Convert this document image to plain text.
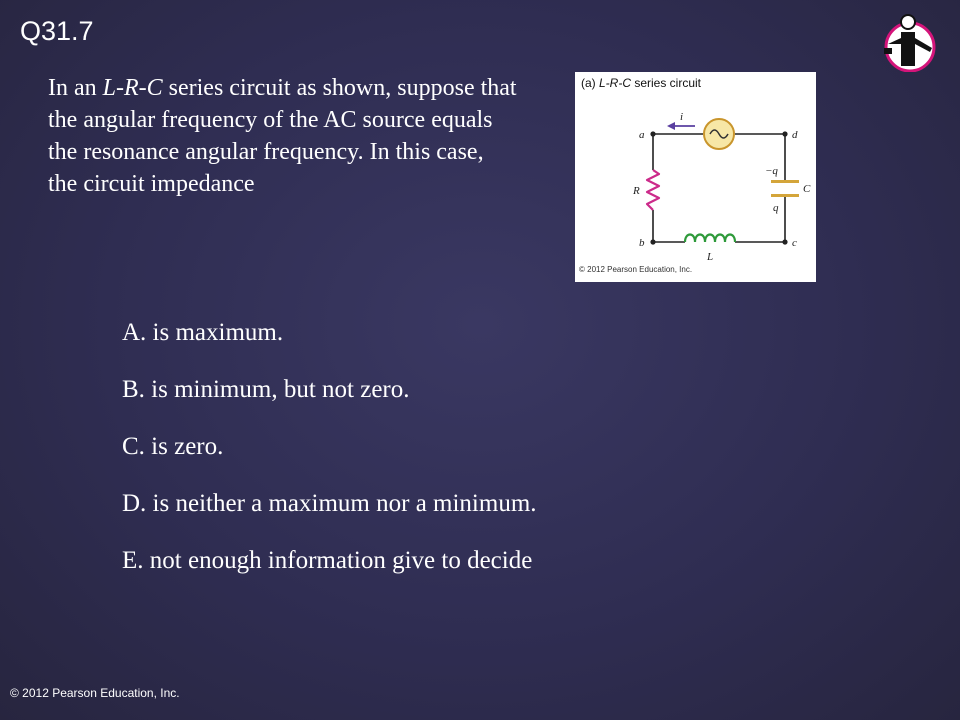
Q31.7
In an L-R-C series circuit as shown, suppose that the angular frequency of the AC source equals the resonance angular frequency. In this case, the circuit impedance
(a) L-R-C series circuit
a	d
b	c
i
R
L
C
−q
q
© 2012 Pearson Education, Inc.
A. is maximum.
B. is minimum, but not zero.
C. is zero.
D. is neither a maximum nor a minimum.
E. not enough information give to decide
© 2012 Pearson Education, Inc.
